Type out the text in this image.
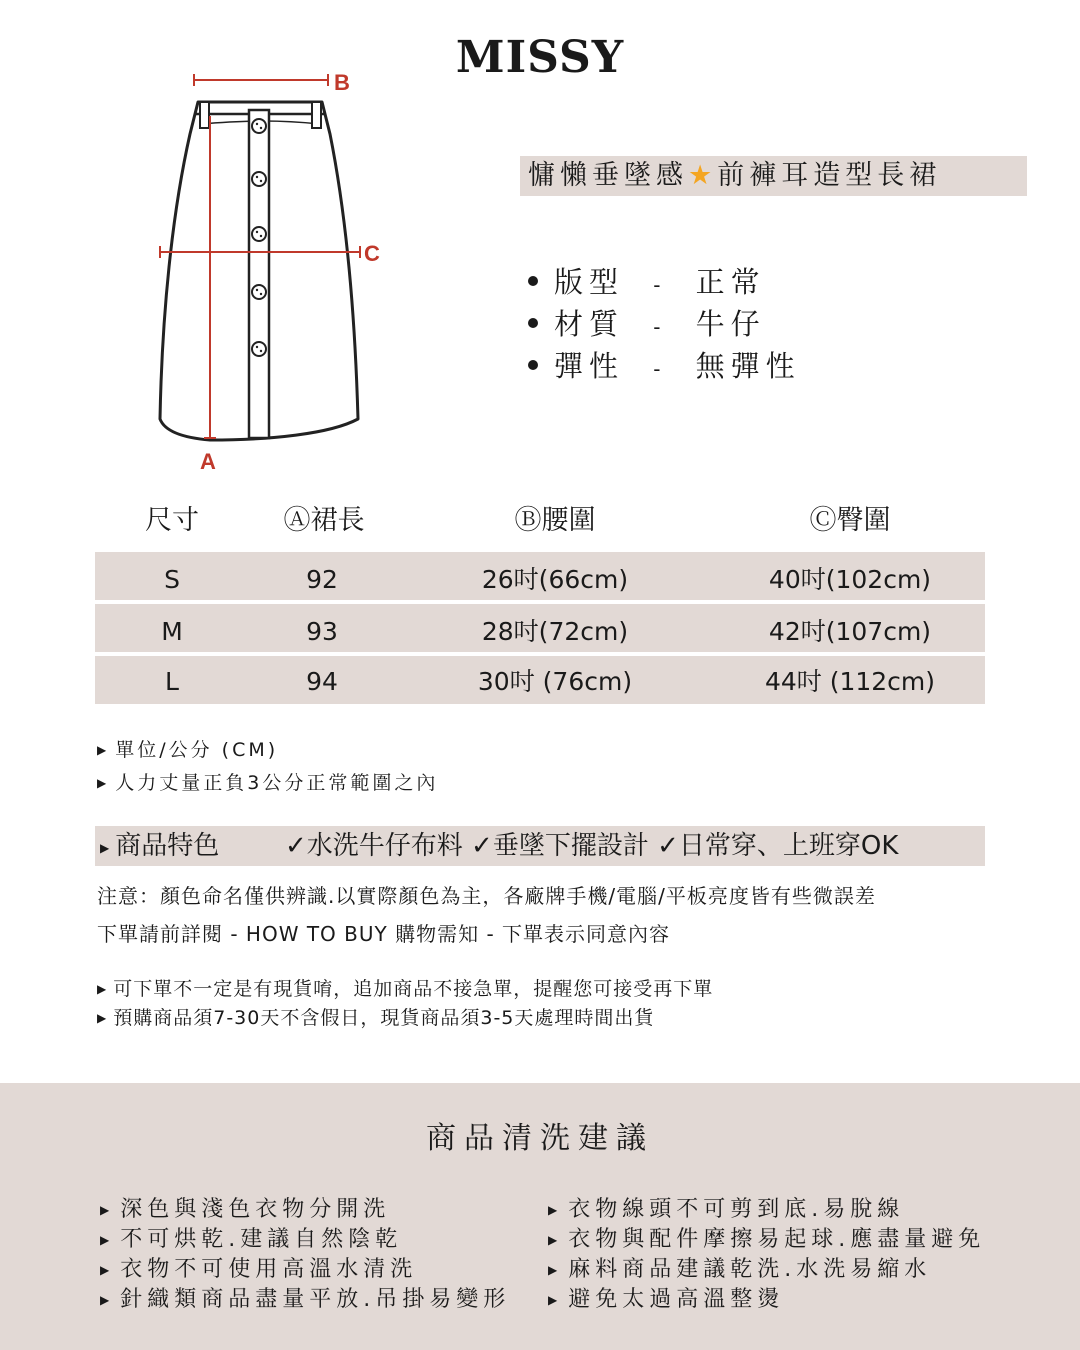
MISSY
B
C
A
慵懶垂墜感★前褲耳造型長裙
版型 - 正常
材質 - 牛仔
彈性 - 無彈性
尺寸	Ⓐ裙長	Ⓑ腰圍	Ⓒ臀圍
S	92	26吋(66cm)	40吋(102cm)
M	93	28吋(72cm)	42吋(107cm)
L	94	30吋 (76cm)	44吋 (112cm)
▶ 單位/公分 (CM)
▶ 人力丈量正負3公分正常範圍之內
▶ 商品特色	✓水洗牛仔布料 ✓垂墜下擺設計 ✓日常穿、上班穿OK
注意：顏色命名僅供辨識.以實際顏色為主，各廠牌手機/電腦/平板亮度皆有些微誤差
下單請前詳閱 - HOW TO BUY 購物需知 - 下單表示同意內容
▶ 可下單不一定是有現貨唷，追加商品不接急單，提醒您可接受再下單
▶ 預購商品須7-30天不含假日，現貨商品須3-5天處理時間出貨
商品清洗建議
▶ 深色與淺色衣物分開洗
▶ 不可烘乾.建議自然陰乾
▶ 衣物不可使用高溫水清洗
▶ 針織類商品盡量平放.吊掛易變形
▶ 衣物線頭不可剪到底.易脫線
▶ 衣物與配件摩擦易起球.應盡量避免
▶ 麻料商品建議乾洗.水洗易縮水
▶ 避免太過高溫整燙
